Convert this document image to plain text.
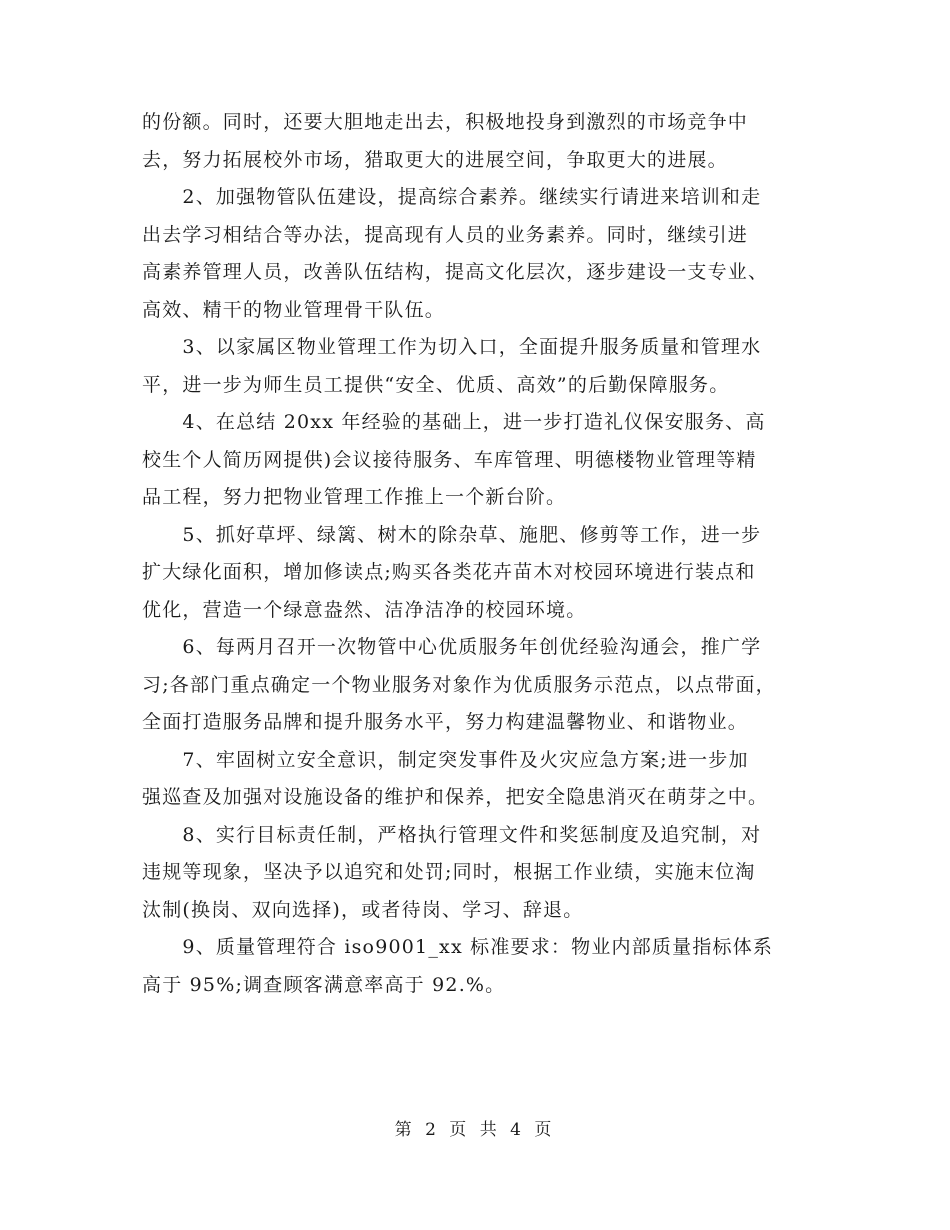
的份额。同时，还要大胆地走出去，积极地投身到激烈的市场竞争中
去，努力拓展校外市场，猎取更大的进展空间，争取更大的进展。

　　2、加强物管队伍建设，提高综合素养。继续实行请进来培训和走
出去学习相结合等办法，提高现有人员的业务素养。同时，继续引进
高素养管理人员，改善队伍结构，提高文化层次，逐步建设一支专业、
高效、精干的物业管理骨干队伍。

　　3、以家属区物业管理工作为切入口，全面提升服务质量和管理水
平，进一步为师生员工提供“安全、优质、高效”的后勤保障服务。

　　4、在总结 20xx 年经验的基础上，进一步打造礼仪保安服务、高
校生个人简历网提供)会议接待服务、车库管理、明德楼物业管理等精
品工程，努力把物业管理工作推上一个新台阶。

　　5、抓好草坪、绿篱、树木的除杂草、施肥、修剪等工作，进一步
扩大绿化面积，增加修读点;购买各类花卉苗木对校园环境进行装点和
优化，营造一个绿意盎然、洁净洁净的校园环境。

　　6、每两月召开一次物管中心优质服务年创优经验沟通会，推广学
习;各部门重点确定一个物业服务对象作为优质服务示范点，以点带面，
全面打造服务品牌和提升服务水平，努力构建温馨物业、和谐物业。

　　7、牢固树立安全意识，制定突发事件及火灾应急方案;进一步加
强巡查及加强对设施设备的维护和保养，把安全隐患消灭在萌芽之中。

　　8、实行目标责任制，严格执行管理文件和奖惩制度及追究制，对
违规等现象，坚决予以追究和处罚;同时，根据工作业绩，实施末位淘
汰制(换岗、双向选择)，或者待岗、学习、辞退。

　　9、质量管理符合 iso9001_xx 标准要求：物业内部质量指标体系
高于 95%;调查顾客满意率高于 92.%。

第 2 页 共 4 页
